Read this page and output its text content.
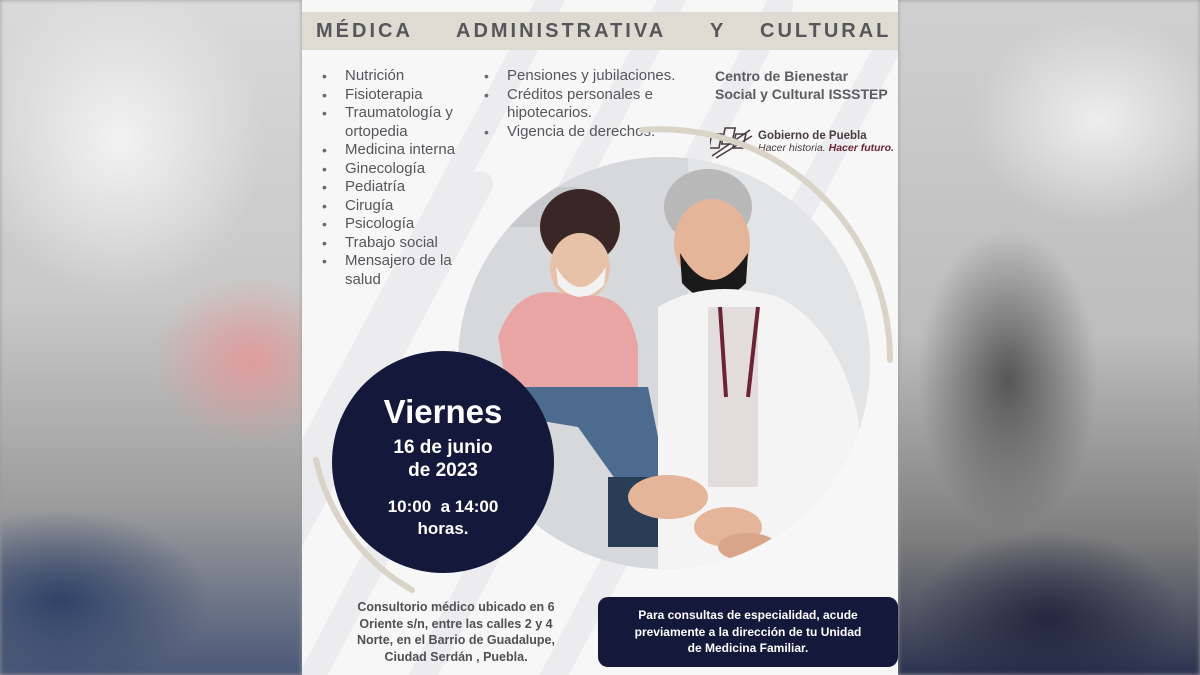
MÉDICA ADMINISTRATIVA Y CULTURAL
• Nutrición
• Fisioterapia
• Traumatología y ortopedia
• Medicina interna
• Ginecología
• Pediatría
• Cirugía
• Psicología
• Trabajo social
• Mensajero de la salud
• Pensiones y jubilaciones.
• Créditos personales e hipotecarios.
• Vigencia de derechos.
Centro de Bienestar
Social y Cultural ISSSTEP
Gobierno de Puebla
Hacer historia. Hacer futuro.
Viernes
16 de junio
de 2023
10:00  a 14:00
horas.
Consultorio médico ubicado en 6
Oriente s/n, entre las calles 2 y 4
Norte, en el Barrio de Guadalupe,
Ciudad Serdán , Puebla.
Para consultas de especialidad, acude
previamente a la dirección de tu Unidad
de Medicina Familiar.
